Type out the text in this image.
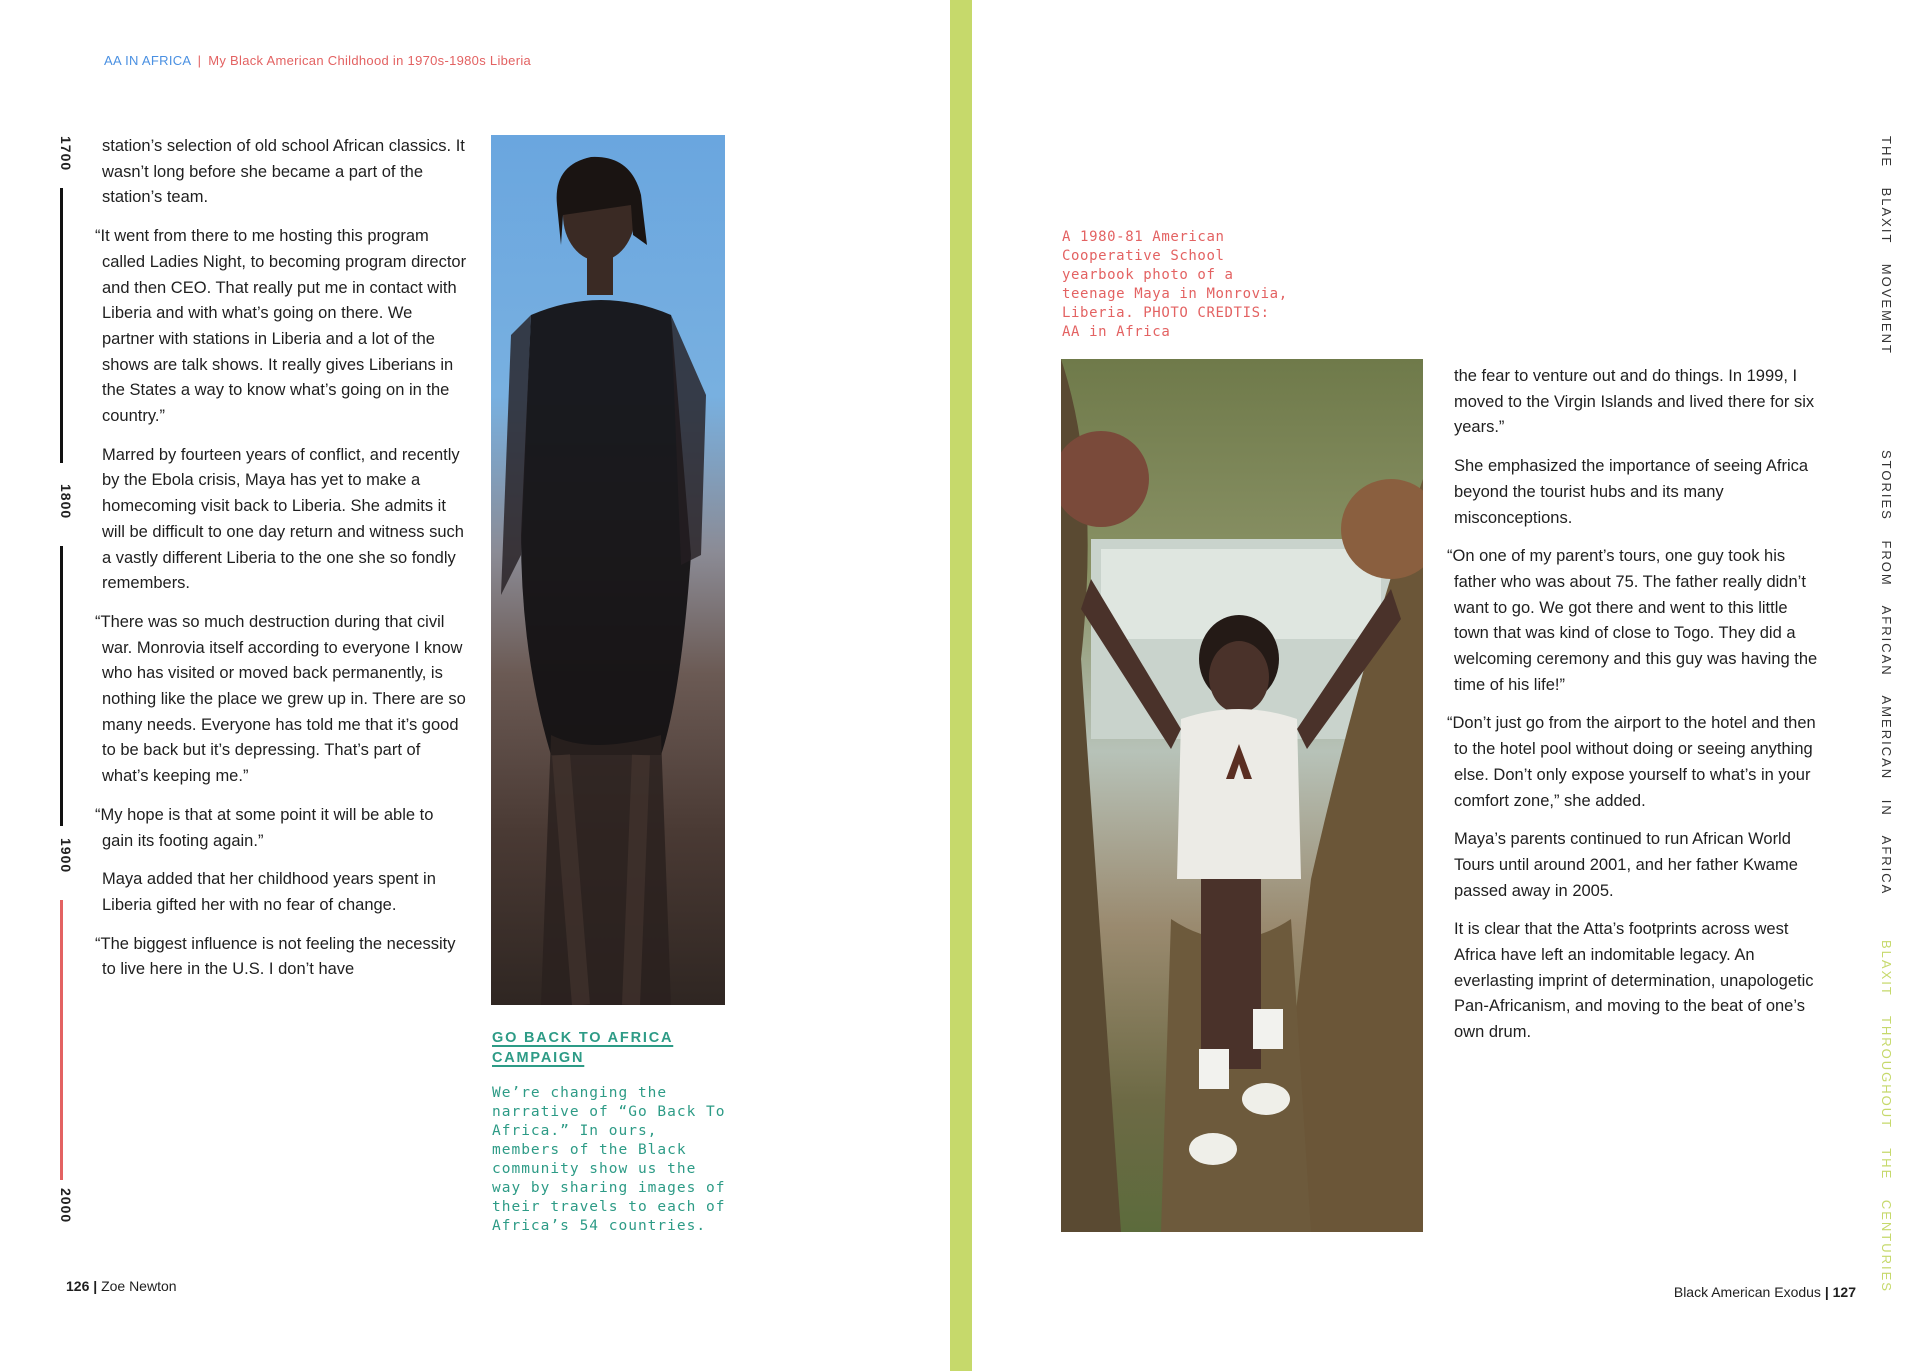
AA IN AFRICA | My Black American Childhood in 1970s-1980s Liberia
1700
1800
1900
2000

station’s selection of old school African classics. It wasn’t long before she became a part of the station’s team.

“It went from there to me hosting this program called Ladies Night, to becoming program director and then CEO. That really put me in contact with Liberia and with what’s going on there. We partner with stations in Liberia and a lot of the shows are talk shows. It really gives Liberians in the States a way to know what’s going on in the country.”

Marred by fourteen years of conflict, and recently by the Ebola crisis, Maya has yet to make a homecoming visit back to Liberia. She admits it will be difficult to one day return and witness such a vastly different Liberia to the one she so fondly remembers.

“There was so much destruction during that civil war. Monrovia itself according to everyone I know who has visited or moved back permanently, is nothing like the place we grew up in. There are so many needs. Everyone has told me that it’s good to be back but it’s depressing. That’s part of what’s keeping me.”

“My hope is that at some point it will be able to gain its footing again.”

Maya added that her childhood years spent in Liberia gifted her with no fear of change.

“The biggest influence is not feeling the necessity to live here in the U.S. I don’t have

GO BACK TO AFRICA CAMPAIGN
We’re changing the narrative of “Go Back To Africa.” In ours, members of the Black community show us the way by sharing images of their travels to each of Africa’s 54 countries.
126 | Zoe Newton
A 1980-81 American Cooperative School yearbook photo of a teenage Maya in Monrovia, Liberia. PHOTO CREDTIS: AA in Africa

the fear to venture out and do things. In 1999, I moved to the Virgin Islands and lived there for six years.”

She emphasized the importance of seeing Africa beyond the tourist hubs and its many misconceptions.

“On one of my parent’s tours, one guy took his father who was about 75. The father really didn’t want to go. We got there and went to this little town that was kind of close to Togo. They did a welcoming ceremony and this guy was having the time of his life!”

“Don’t just go from the airport to the hotel and then to the hotel pool without doing or seeing anything else. Don’t only expose yourself to what’s in your comfort zone,” she added.

Maya’s parents continued to run African World Tours until around 2001, and her father Kwame passed away in 2005.

It is clear that the Atta’s footprints across west Africa have left an indomitable legacy. An everlasting imprint of determination, unapologetic Pan-Africanism, and moving to the beat of one’s own drum.

THE BLAXIT MOVEMENT
STORIES FROM AFRICAN AMERICAN IN AFRICA
BLAXIT THROUGHOUT THE CENTURIES
Black American Exodus | 127
